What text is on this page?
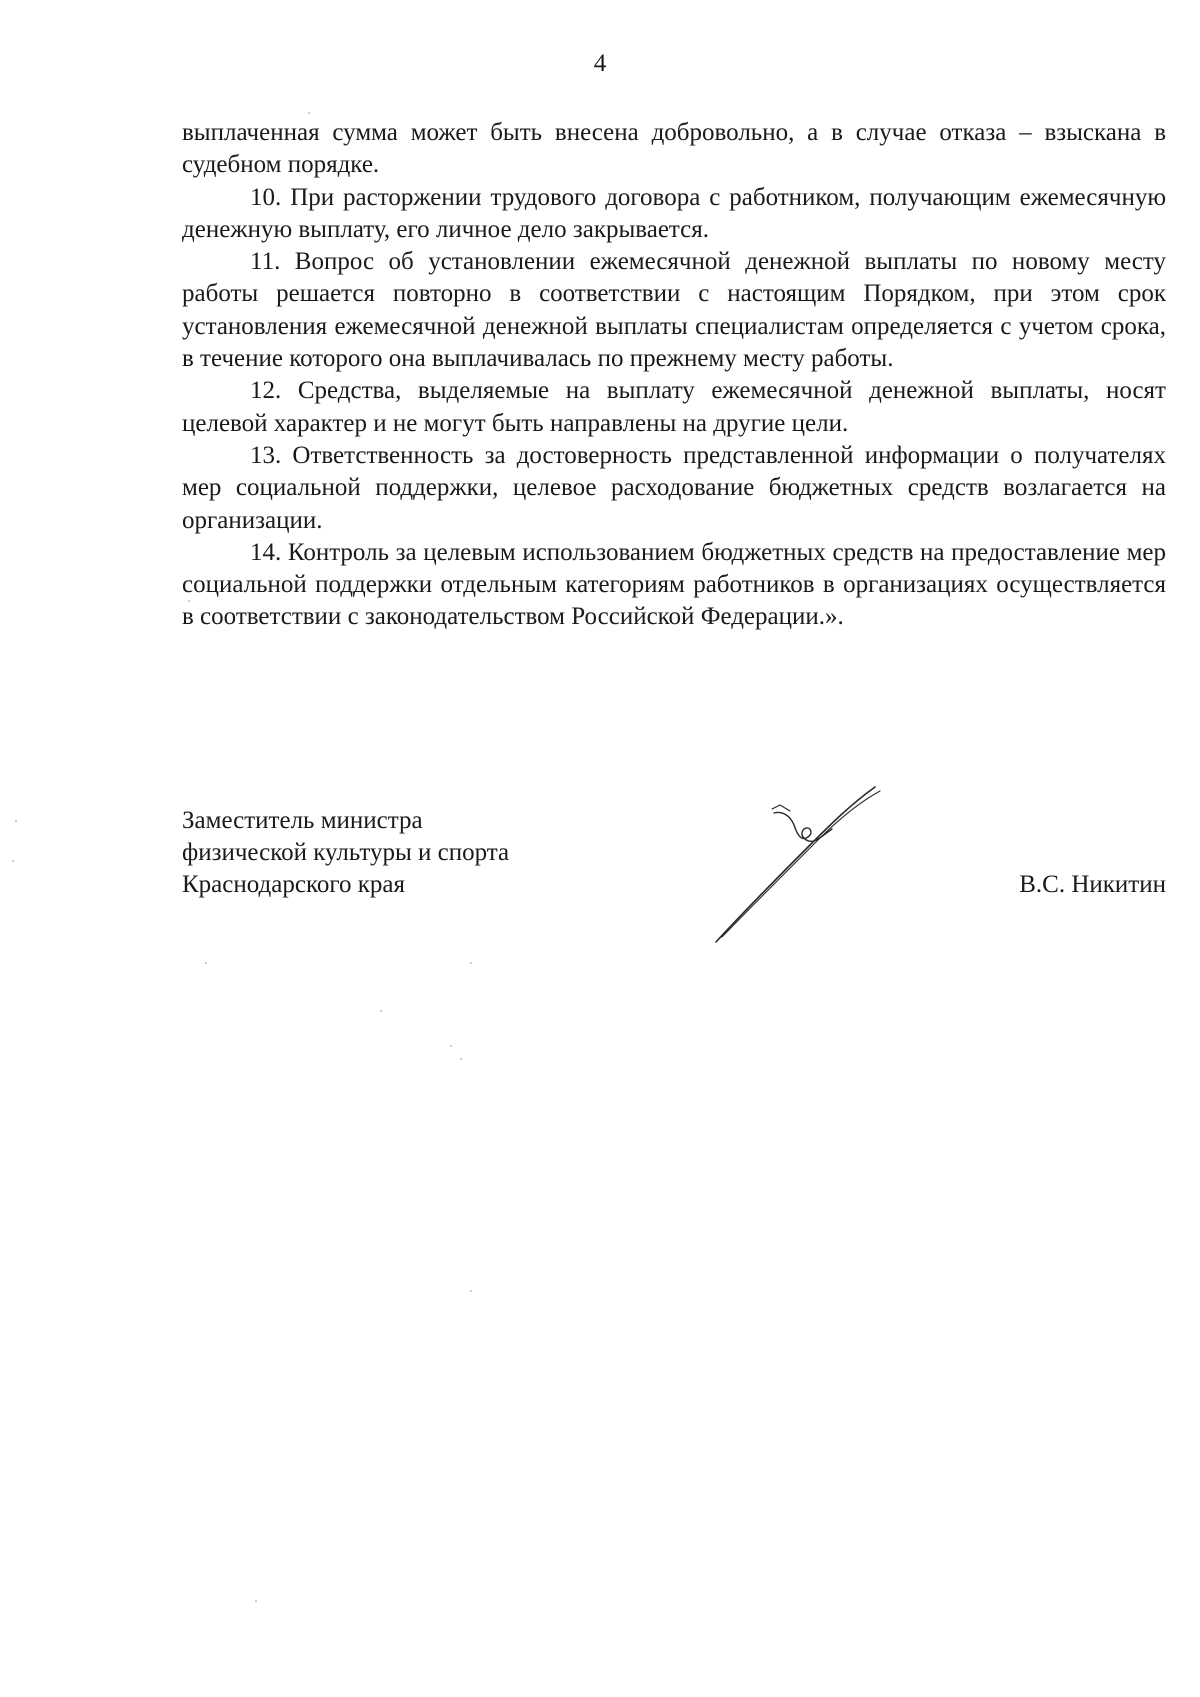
4

выплаченная сумма может быть внесена добровольно, а в случае отказа – взыскана в судебном порядке.

10. При расторжении трудового договора с работником, получающим ежемесячную денежную выплату, его личное дело закрывается.

11. Вопрос об установлении ежемесячной денежной выплаты по новому месту работы решается повторно в соответствии с настоящим Порядком, при этом срок установления ежемесячной денежной выплаты специалистам определяется с учетом срока, в течение которого она выплачивалась по прежнему месту работы.

12. Средства, выделяемые на выплату ежемесячной денежной выплаты, носят целевой характер и не могут быть направлены на другие цели.

13. Ответственность за достоверность представленной информации о получателях мер социальной поддержки, целевое расходование бюджетных средств возлагается на организации.

14. Контроль за целевым использованием бюджетных средств на предоставление мер социальной поддержки отдельным категориям работников в организациях осуществляется в соответствии с законодательством Российской Федерации.».

Заместитель министра
физической культуры и спорта
Краснодарского края	В.С. Никитин
